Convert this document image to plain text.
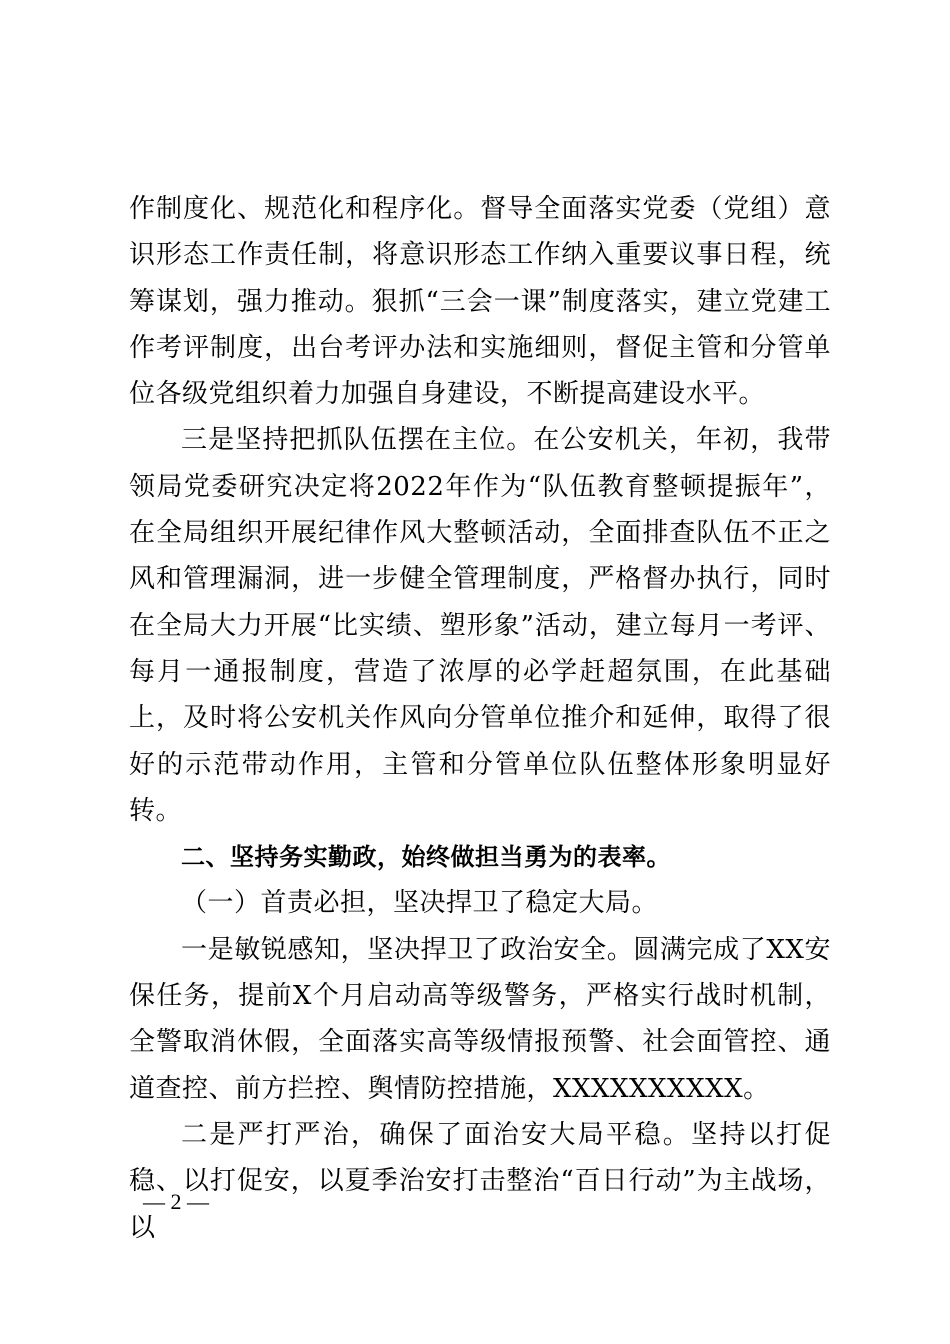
作制度化、规范化和程序化。督导全面落实党委（党组）意识形态工作责任制，将意识形态工作纳入重要议事日程，统筹谋划，强力推动。狠抓“三会一课”制度落实，建立党建工作考评制度，出台考评办法和实施细则，督促主管和分管单位各级党组织着力加强自身建设，不断提高建设水平。

三是坚持把抓队伍摆在主位。在公安机关，年初，我带领局党委研究决定将2022年作为“队伍教育整顿提振年”，在全局组织开展纪律作风大整顿活动，全面排查队伍不正之风和管理漏洞，进一步健全管理制度，严格督办执行，同时在全局大力开展“比实绩、塑形象”活动，建立每月一考评、每月一通报制度，营造了浓厚的必学赶超氛围，在此基础上，及时将公安机关作风向分管单位推介和延伸，取得了很好的示范带动作用，主管和分管单位队伍整体形象明显好转。

二、坚持务实勤政，始终做担当勇为的表率。

（一）首责必担，坚决捍卫了稳定大局。

一是敏锐感知，坚决捍卫了政治安全。圆满完成了XX安保任务，提前X个月启动高等级警务，严格实行战时机制，全警取消休假，全面落实高等级情报预警、社会面管控、通道查控、前方拦控、舆情防控措施，XXXXXXXXXX。

二是严打严治，确保了面治安大局平稳。坚持以打促稳、以打促安，以夏季治安打击整治“百日行动”为主战场，以

— 2 —
